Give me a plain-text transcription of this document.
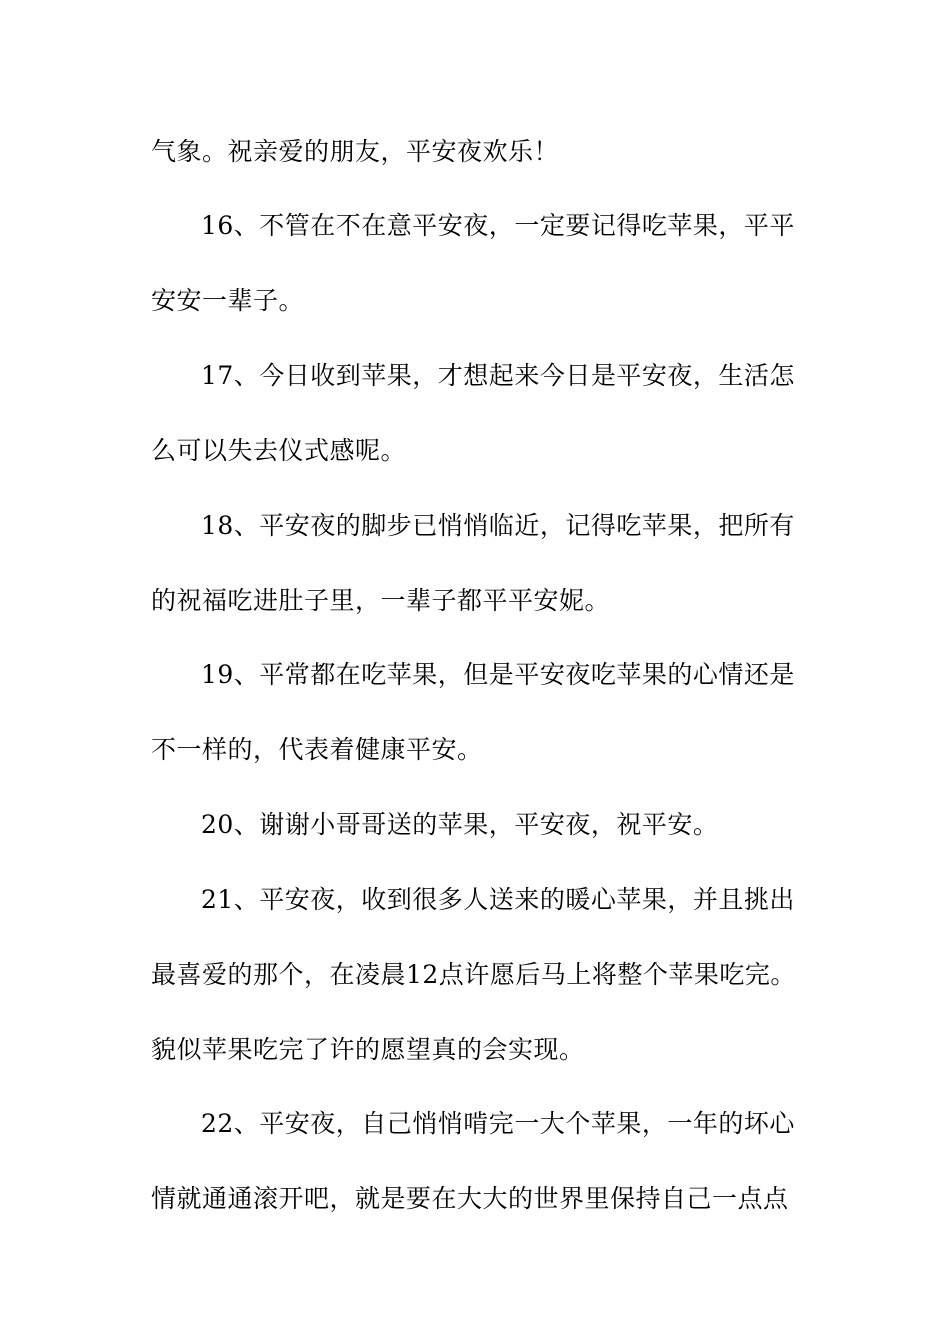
气象。祝亲爱的朋友，平安夜欢乐！
16、不管在不在意平安夜，一定要记得吃苹果，平平
安安一辈子。
17、今日收到苹果，才想起来今日是平安夜，生活怎
么可以失去仪式感呢。
18、平安夜的脚步已悄悄临近，记得吃苹果，把所有
的祝福吃进肚子里，一辈子都平平安妮。
19、平常都在吃苹果，但是平安夜吃苹果的心情还是
不一样的，代表着健康平安。
20、谢谢小哥哥送的苹果，平安夜，祝平安。
21、平安夜，收到很多人送来的暖心苹果，并且挑出
最喜爱的那个，在凌晨12点许愿后马上将整个苹果吃完。
貌似苹果吃完了许的愿望真的会实现。
22、平安夜，自己悄悄啃完一大个苹果，一年的坏心
情就通通滚开吧，就是要在大大的世界里保持自己一点点
